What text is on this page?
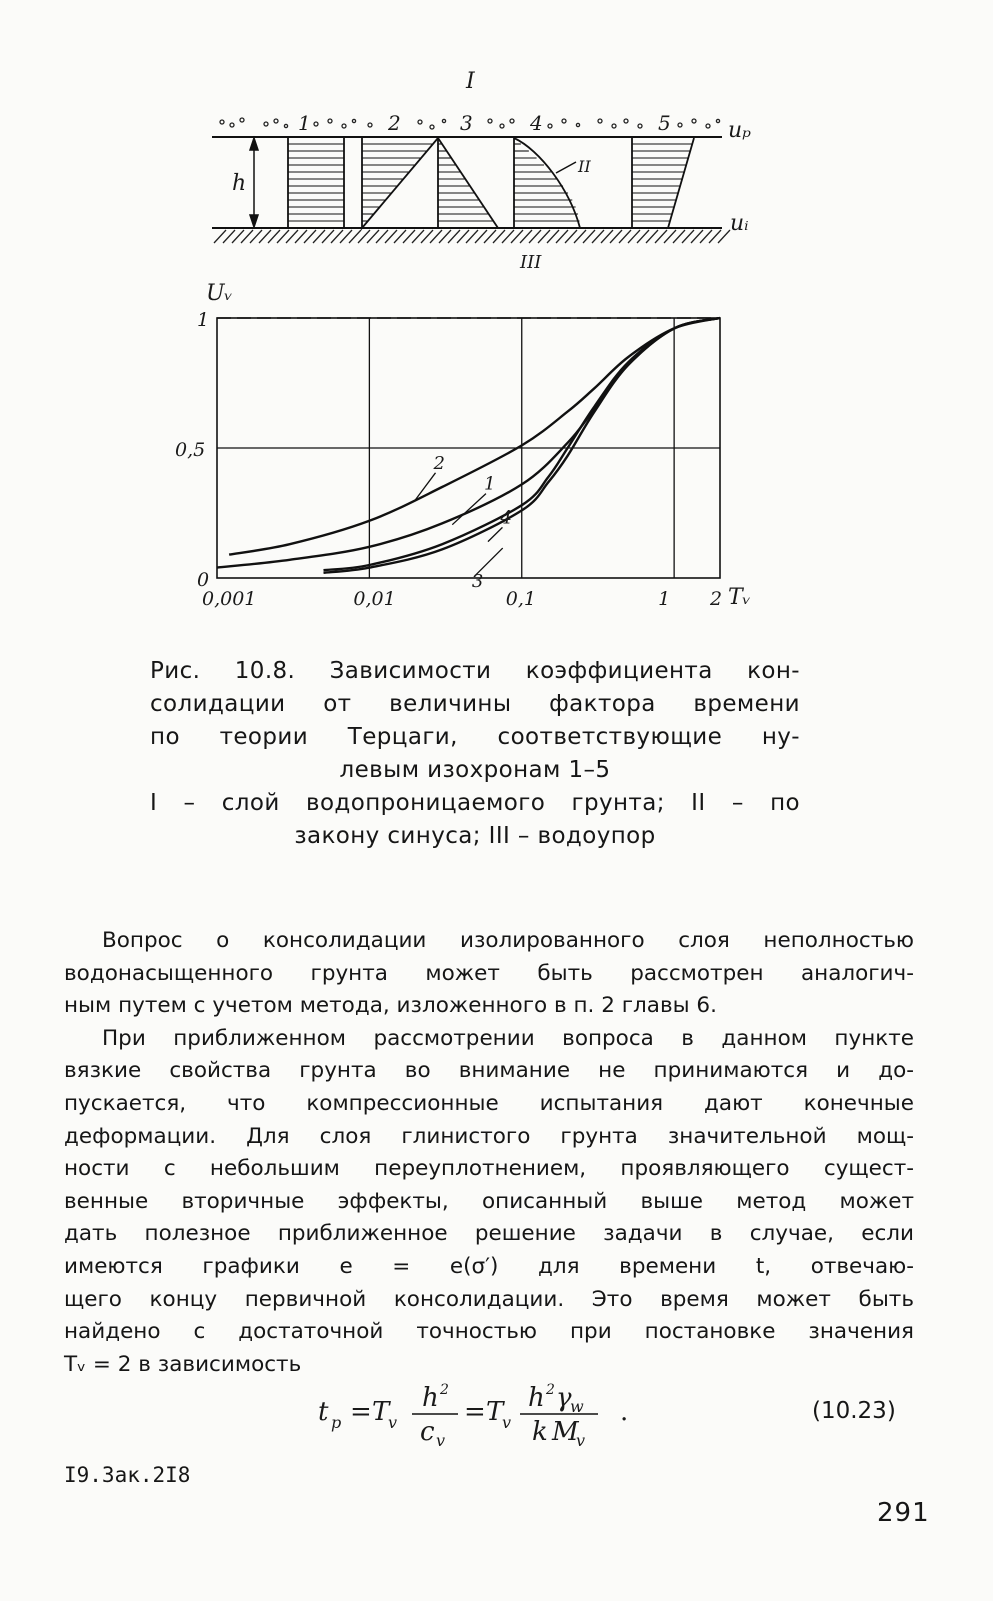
I
1	2	3	4	5	uₚ
uᵢ
III
h
II
Uᵥ
Tᵥ
1
0,5
0
0,001	0,01	0,1	1 2
2
1
4
3
Рис. 10.8. Зависимости коэффициента кон-
солидации от величины фактора времени
по теории Терцаги, соответствующие ну-
левым изохронам 1–5
I – слой водопроницаемого грунта; II – по
закону синуса; III – водоупор
Вопрос о консолидации изолированного слоя неполностью
водонасыщенного грунта может быть рассмотрен аналогич-
ным путем с учетом метода, изложенного в п. 2 главы 6.
При приближенном рассмотрении вопроса в данном пункте
вязкие свойства грунта во внимание не принимаются и до-
пускается, что компрессионные испытания дают конечные
деформации. Для слоя глинистого грунта значительной мощ-
ности с небольшим переуплотнением, проявляющего сущест-
венные вторичные эффекты, описанный выше метод может
дать полезное приближенное решение задачи в случае, если
имеются графики e = e(σ′) для времени t, отвечаю-
щего концу первичной консолидации. Это время может быть
найдено с достаточной точностью при постановке значения
Tᵥ = 2 в зависимость
t p = T
v
h 2
c v
= T
v
h 2 γ
w
k M
v
.	(10.23)
I9.Зак.2I8
291
